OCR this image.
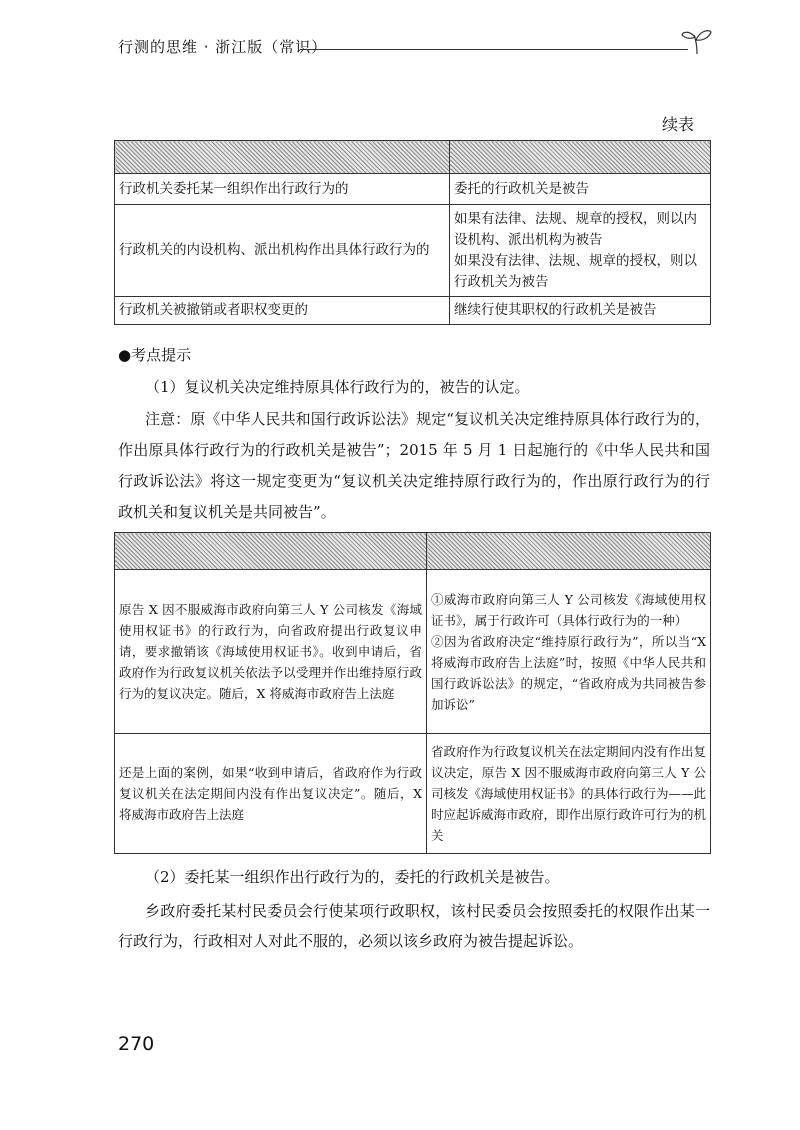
行测的思维 · 浙江版（常识）
续表

行政机关委托某一组织作出行政行为的	委托的行政机关是被告
行政机关的内设机构、派出机构作出具体行政行为的	如果有法律、法规、规章的授权，则以内设机构、派出机构为被告
如果没有法律、法规、规章的授权，则以行政机关为被告
行政机关被撤销或者职权变更的	继续行使其职权的行政机关是被告
●考点提示

（1）复议机关决定维持原具体行政行为的，被告的认定。

注意：原《中华人民共和国行政诉讼法》规定“复议机关决定维持原具体行政行为的，作出原具体行政行为的行政机关是被告”；2015 年 5 月 1 日起施行的《中华人民共和国行政诉讼法》将这一规定变更为“复议机关决定维持原行政行为的，作出原行政行为的行政机关和复议机关是共同被告”。

原告 X 因不服威海市政府向第三人 Y 公司核发《海域使用权证书》的行政行为，向省政府提出行政复议申请，要求撤销该《海域使用权证书》。收到申请后，省政府作为行政复议机关依法予以受理并作出维持原行政行为的复议决定。随后，X 将威海市政府告上法庭	①威海市政府向第三人 Y 公司核发《海域使用权证书》，属于行政许可（具体行政行为的一种）
②因为省政府决定“维持原行政行为”，所以当“X 将威海市政府告上法庭”时，按照《中华人民共和国行政诉讼法》的规定，“省政府成为共同被告参加诉讼”
还是上面的案例，如果“收到申请后，省政府作为行政复议机关在法定期间内没有作出复议决定”。随后，X 将威海市政府告上法庭	省政府作为行政复议机关在法定期间内没有作出复议决定，原告 X 因不服威海市政府向第三人 Y 公司核发《海域使用权证书》的具体行政行为——此时应起诉威海市政府，即作出原行政许可行为的机关

（2）委托某一组织作出行政行为的，委托的行政机关是被告。

乡政府委托某村民委员会行使某项行政职权，该村民委员会按照委托的权限作出某一行政行为，行政相对人对此不服的，必须以该乡政府为被告提起诉讼。

270
